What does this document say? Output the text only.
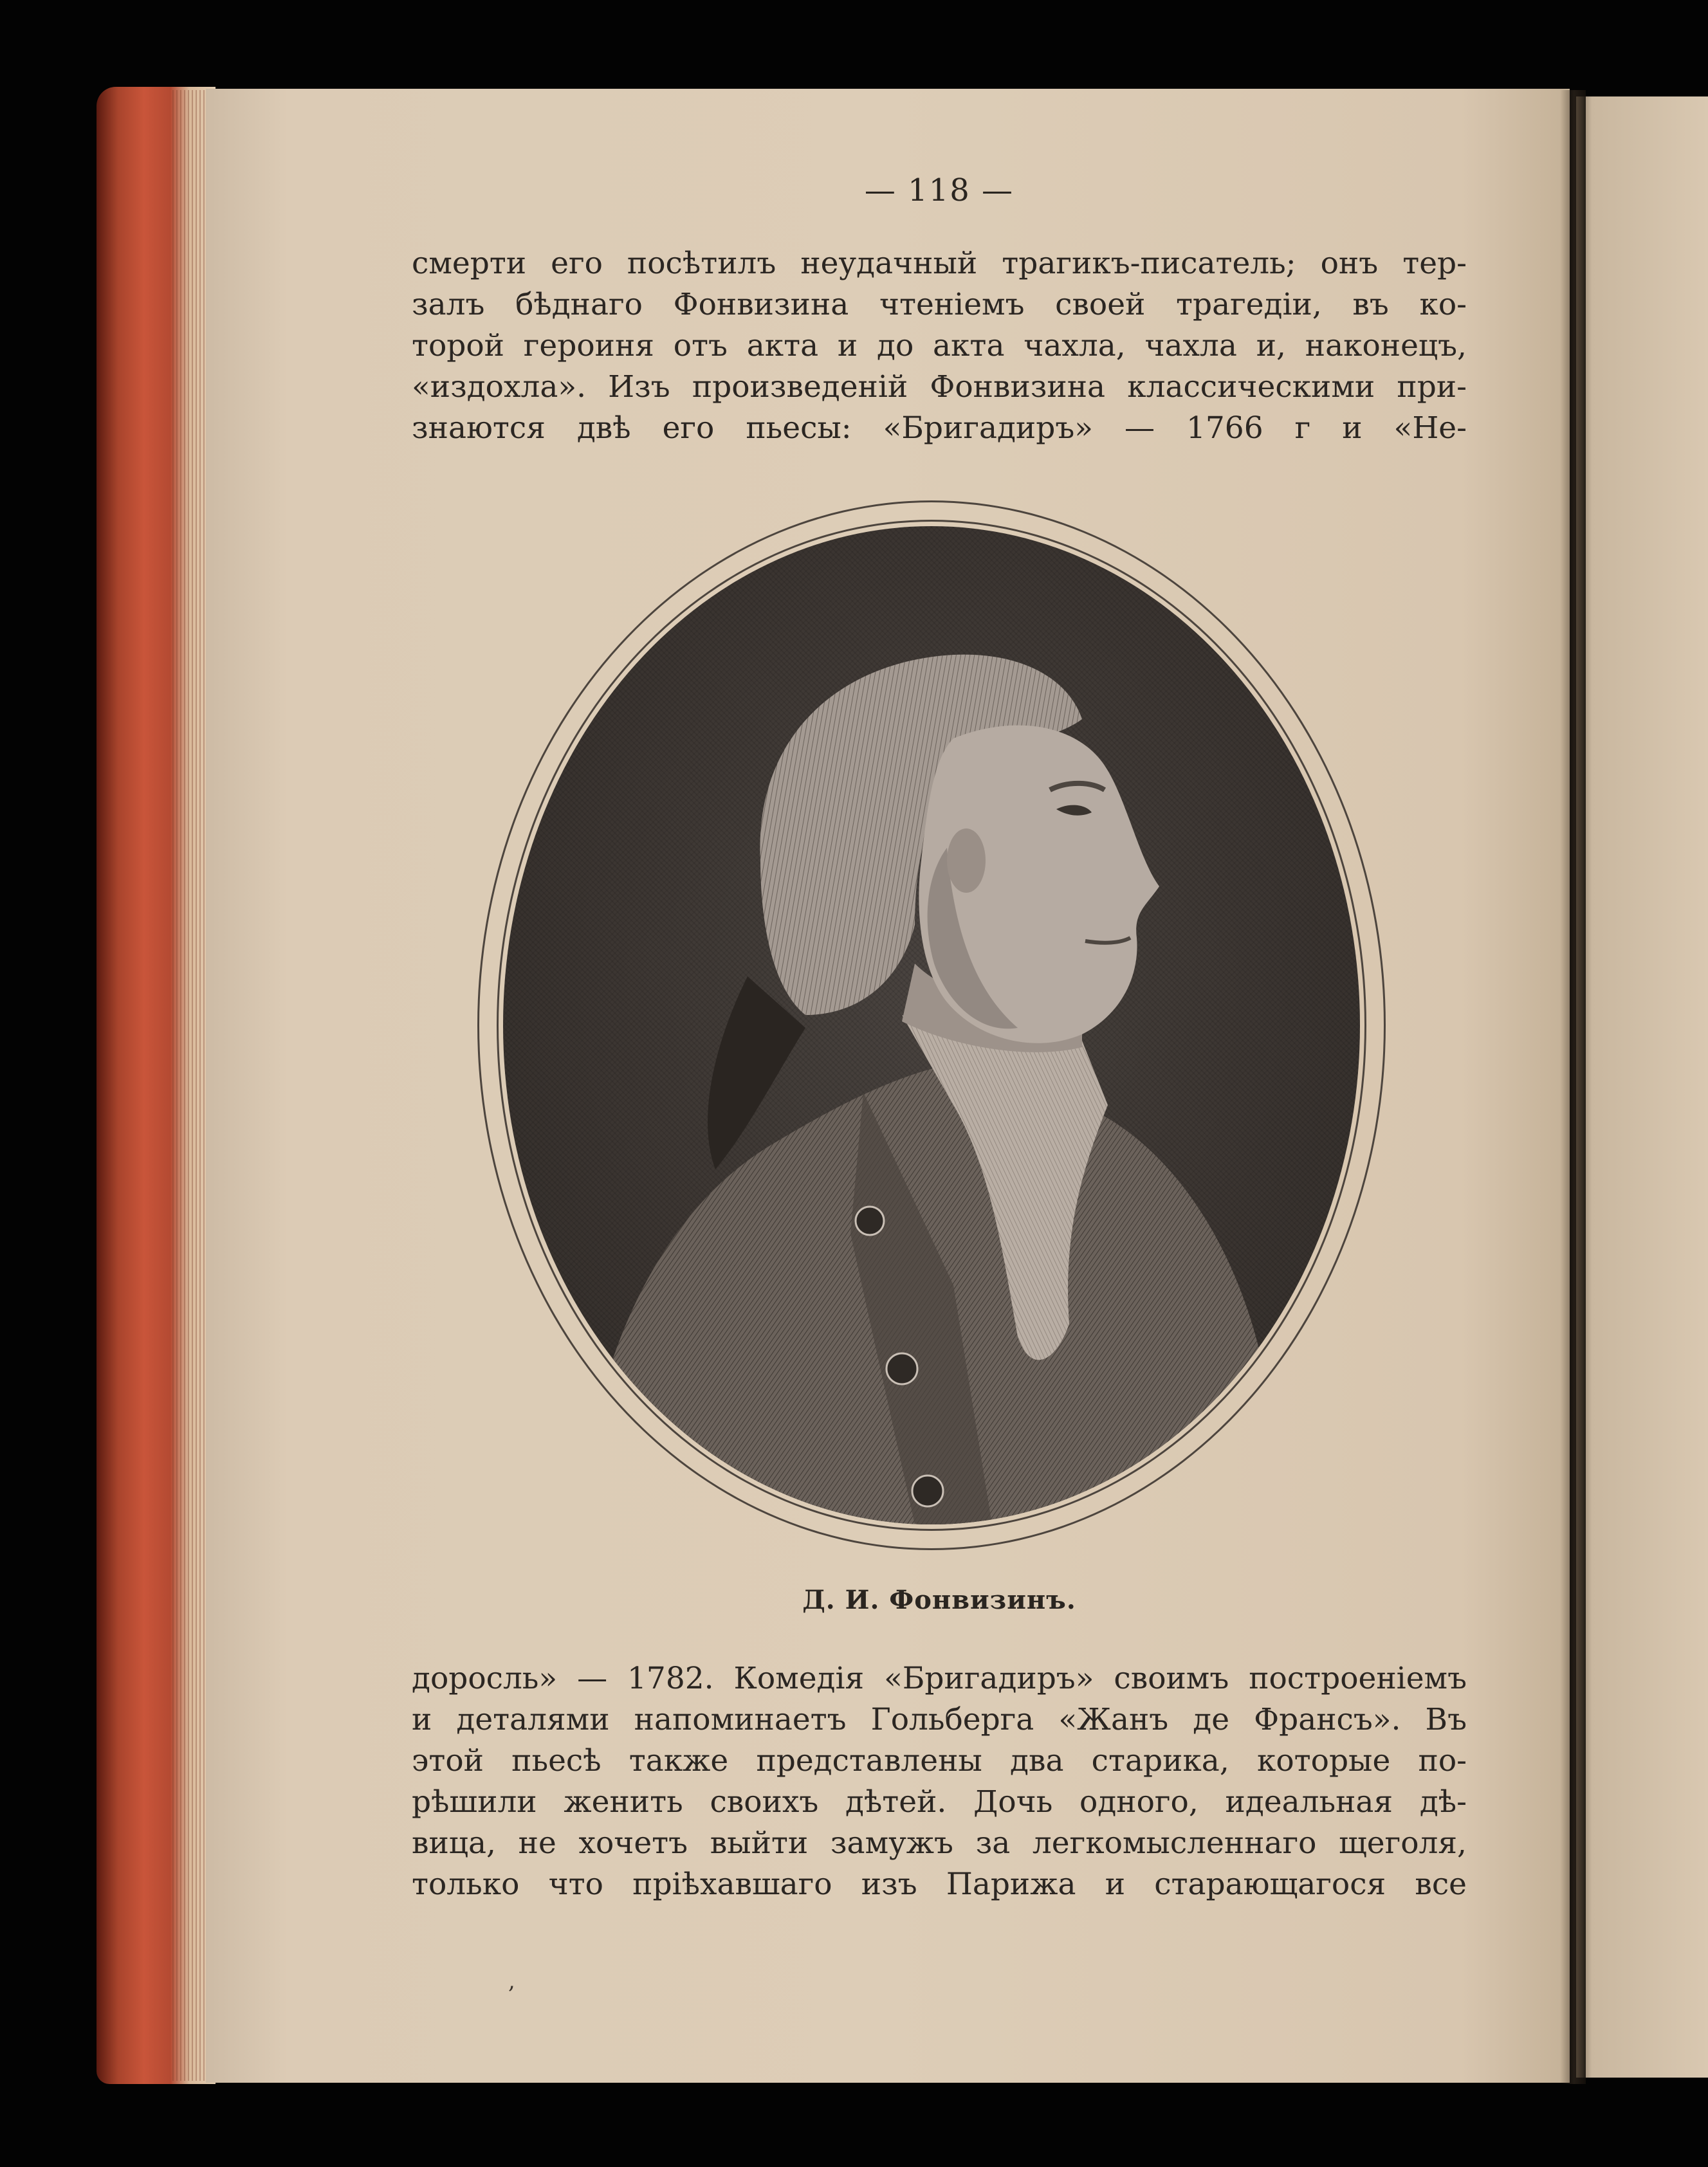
— 118 —
смерти его посѣтилъ неудачный трагикъ-писатель; онъ тер-
залъ бѣднаго Фонвизина чтеніемъ своей трагедіи, въ ко-
торой героиня отъ акта и до акта чахла, чахла и, наконецъ,
«издохла». Изъ произведеній Фонвизина классическими при-
знаются двѣ его пьесы: «Бригадиръ» — 1766 г и «Не-
Д. И. Фонвизинъ.
доросль» — 1782. Комедія «Бригадиръ» своимъ построеніемъ
и деталями напоминаетъ Гольберга «Жанъ де Франсъ». Въ
этой пьесѣ также представлены два старика, которые по-
рѣшили женить своихъ дѣтей. Дочь одного, идеальная дѣ-
вица, не хочетъ выйти замужъ за легкомысленнаго щеголя,
только что пріѣхавшаго изъ Парижа и старающагося все
,
